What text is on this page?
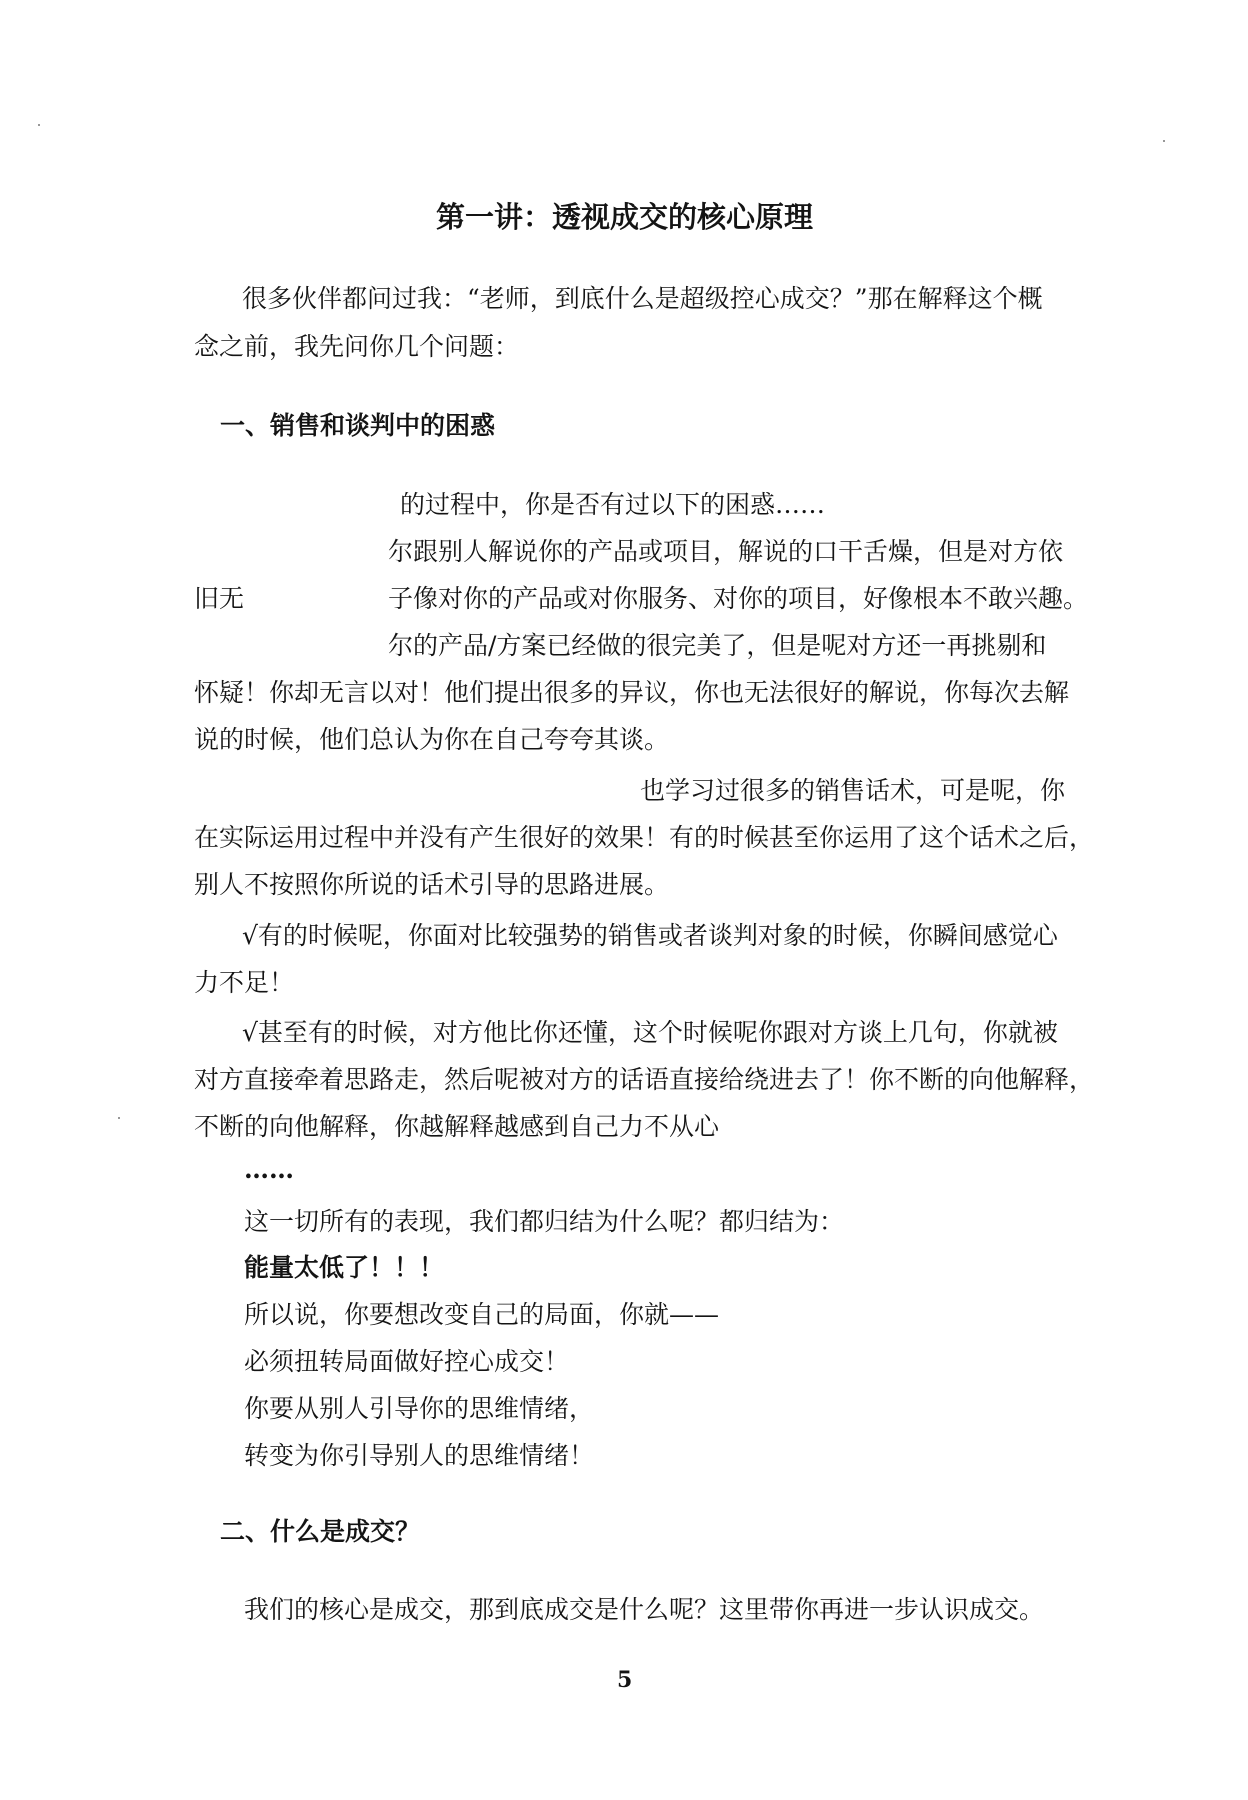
第一讲：透视成交的核心原理

很多伙伴都问过我：“老师，到底什么是超级控心成交？”那在解释这个概

念之前，我先问你几个问题：

一、销售和谈判中的困惑

的过程中，你是否有过以下的困惑……

尔跟别人解说你的产品或项目，解说的口干舌燥，但是对方依

旧无	子像对你的产品或对你服务、对你的项目，好像根本不敢兴趣。

尔的产品/方案已经做的很完美了，但是呢对方还一再挑剔和

怀疑！你却无言以对！他们提出很多的异议，你也无法很好的解说，你每次去解

说的时候，他们总认为你在自己夸夸其谈。

也学习过很多的销售话术，可是呢，你

在实际运用过程中并没有产生很好的效果！有的时候甚至你运用了这个话术之后，

别人不按照你所说的话术引导的思路进展。

√有的时候呢，你面对比较强势的销售或者谈判对象的时候，你瞬间感觉心

力不足！

√甚至有的时候，对方他比你还懂，这个时候呢你跟对方谈上几句，你就被

对方直接牵着思路走，然后呢被对方的话语直接给绕进去了！你不断的向他解释，

不断的向他解释，你越解释越感到自己力不从心

……

这一切所有的表现，我们都归结为什么呢？都归结为：

能量太低了！！！

所以说，你要想改变自己的局面，你就——

必须扭转局面做好控心成交！

你要从别人引导你的思维情绪，

转变为你引导别人的思维情绪！

二、什么是成交？

我们的核心是成交，那到底成交是什么呢？这里带你再进一步认识成交。

5
